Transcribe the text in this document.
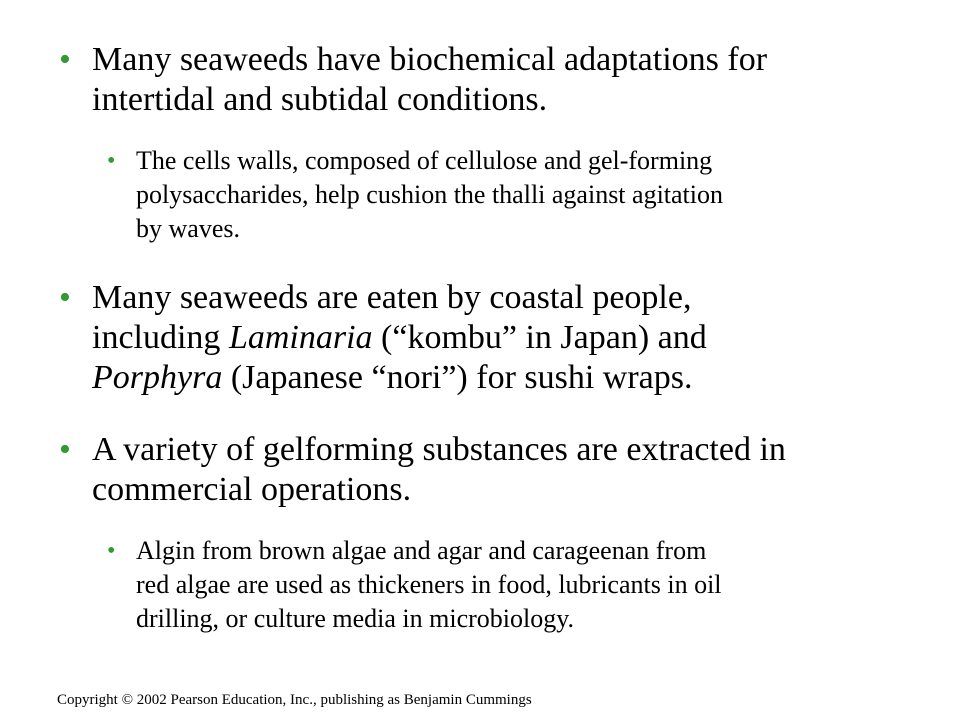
• Many seaweeds have biochemical adaptations for
intertidal and subtidal conditions.
• The cells walls, composed of cellulose and gel-forming
polysaccharides, help cushion the thalli against agitation
by waves.
• Many seaweeds are eaten by coastal people,
including Laminaria (“kombu” in Japan) and
Porphyra (Japanese “nori”) for sushi wraps.
• A variety of gelforming substances are extracted in
commercial operations.
• Algin from brown algae and agar and carageenan from
red algae are used as thickeners in food, lubricants in oil
drilling, or culture media in microbiology.
Copyright © 2002 Pearson Education, Inc., publishing as Benjamin Cummings
